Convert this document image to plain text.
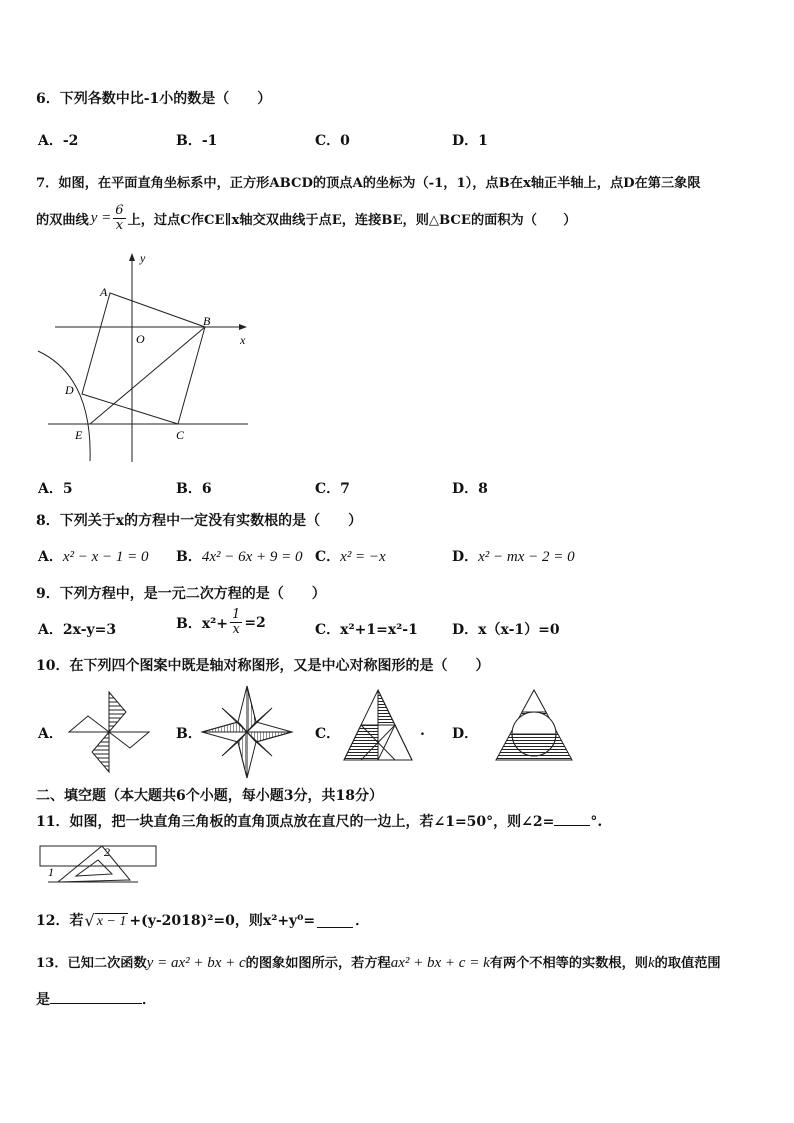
6．下列各数中比-1小的数是（　　）
A．-2	B．-1	C．0	D．1
7．如图，在平面直角坐标系中，正方形ABCD的顶点A的坐标为（-1，1），点B在x轴正半轴上，点D在第三象限
的双曲线 $y = \frac{6}{x}$ 上，过点C作CE∥x轴交双曲线于点E，连接BE，则△BCE的面积为（　　）
y
x
O
A
B
C
D
E
A．5	B．6	C．7	D．8
8．下列关于x的方程中一定没有实数根的是（　　）
A．x² − x − 1 = 0 B．4x² − 6x + 9 = 0 C．x² = −x	D．x² − mx − 2 = 0
9．下列方程中，是一元二次方程的是（　　）
A．2x-y=3	B．$x^2+ \frac{1}{x} =2$	C．x²+1=x²-1 D．x（x-1）=0
10．在下列四个图案中既是轴对称图形，又是中心对称图形的是（　　）
A．	B．	C．	. D．
二、填空题（本大题共6个小题，每小题3分，共18分）
11．如图，把一块直角三角板的直角顶点放在直尺的一边上，若∠1=50°，则∠2=	°.
1
2
12．若 √ x − 1 +(y-2018)²=0，则x²+y⁰=	．
13．已知二次函数y = ax² + bx + c的图象如图所示，若方程ax² + bx + c = k有两个不相等的实数根，则k的取值范围
是	．
